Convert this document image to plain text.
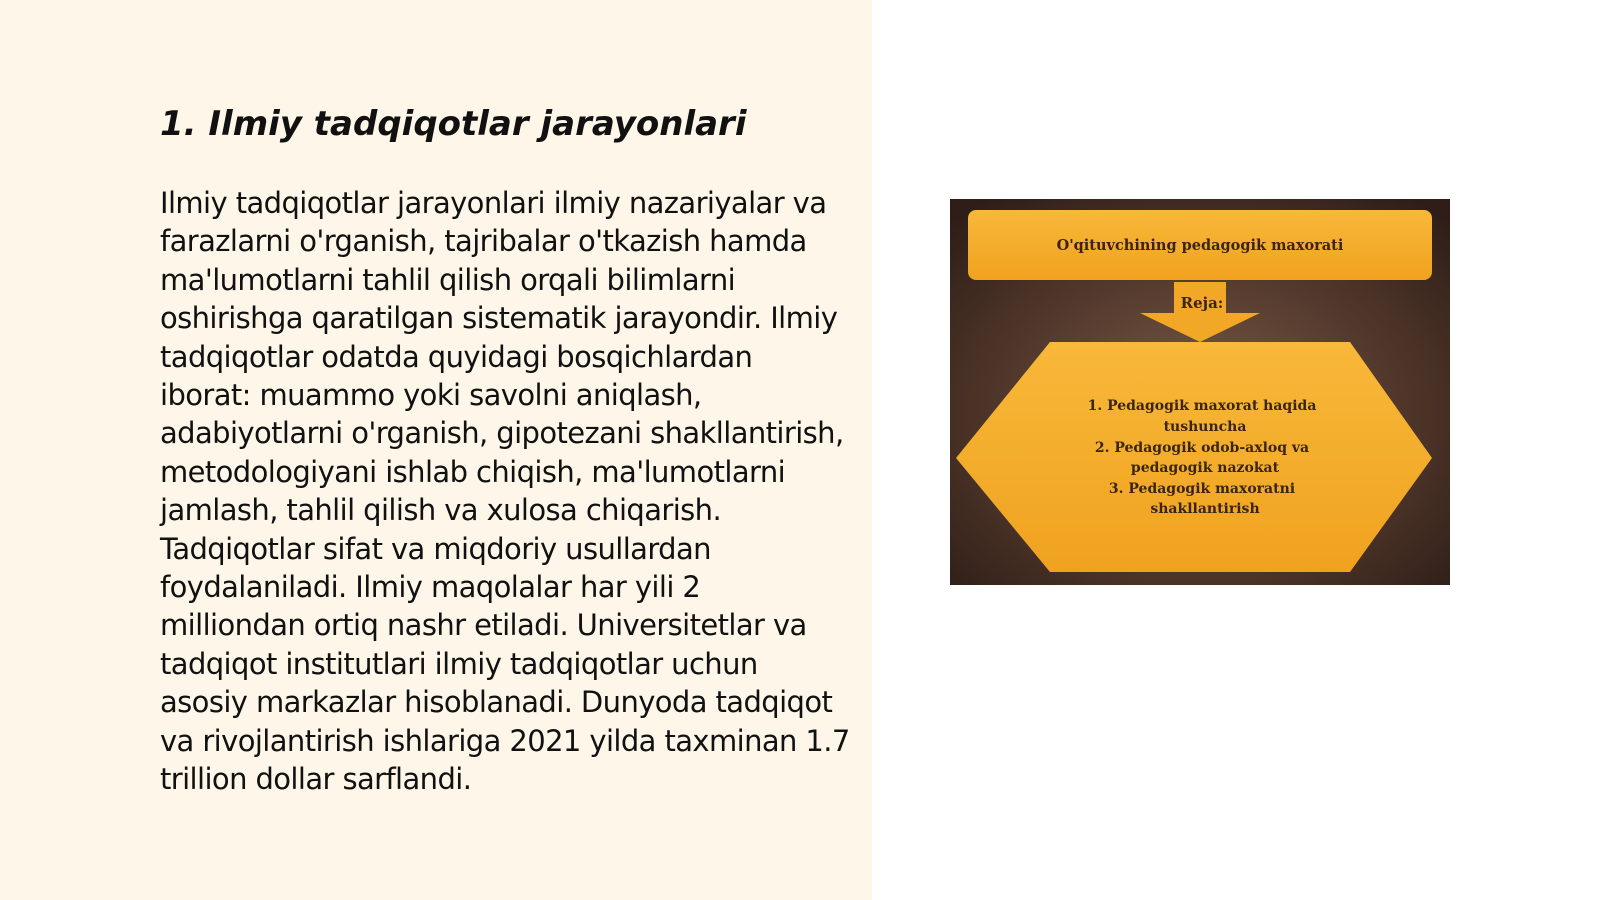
1. Ilmiy tadqiqotlar jarayonlari

Ilmiy tadqiqotlar jarayonlari ilmiy nazariyalar va farazlarni o'rganish, tajribalar o'tkazish hamda ma'lumotlarni tahlil qilish orqali bilimlarni oshirishga qaratilgan sistematik jarayondir. Ilmiy tadqiqotlar odatda quyidagi bosqichlardan iborat: muammo yoki savolni aniqlash, adabiyotlarni o'rganish, gipotezani shakllantirish, metodologiyani ishlab chiqish, ma'lumotlarni jamlash, tahlil qilish va xulosa chiqarish. Tadqiqotlar sifat va miqdoriy usullardan foydalaniladi. Ilmiy maqolalar har yili 2 milliondan ortiq nashr etiladi. Universitetlar va tadqiqot institutlari ilmiy tadqiqotlar uchun asosiy markazlar hisoblanadi. Dunyoda tadqiqot va rivojlantirish ishlariga 2021 yilda taxminan 1.7 trillion dollar sarflandi.

O'qituvchining pedagogik maxorati
Reja:
1. Pedagogik maxorat haqida
tushuncha
2. Pedagogik odob-axloq va
pedagogik nazokat
3. Pedagogik maxoratni
shakllantirish
